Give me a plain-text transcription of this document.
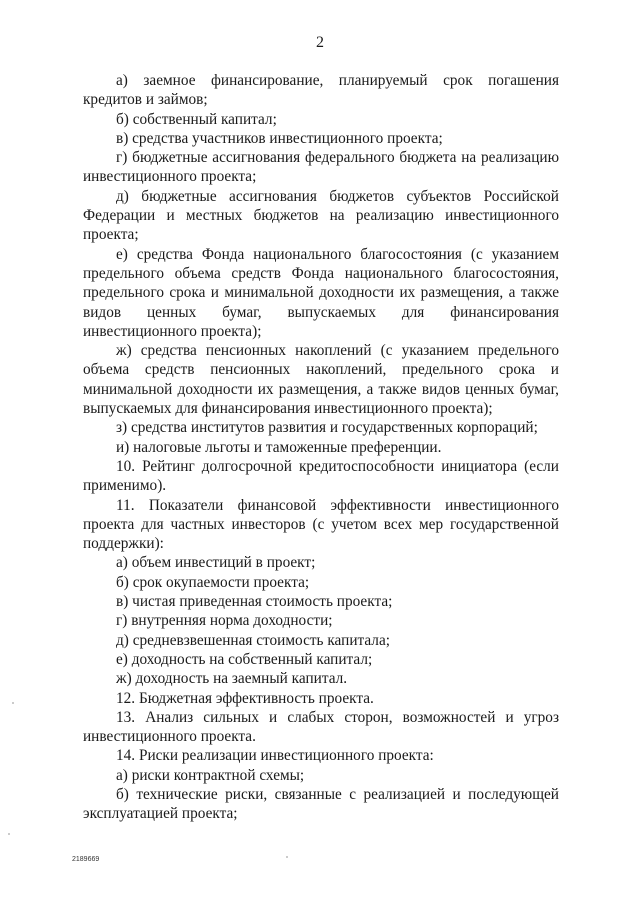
2

а) заемное финансирование, планируемый срок погашения кредитов и займов;

б) собственный капитал;

в) средства участников инвестиционного проекта;

г) бюджетные ассигнования федерального бюджета на реализацию инвестиционного проекта;

д) бюджетные ассигнования бюджетов субъектов Российской Федерации и местных бюджетов на реализацию инвестиционного проекта;

е) средства Фонда национального благосостояния (с указанием предельного объема средств Фонда национального благосостояния, предельного срока и минимальной доходности их размещения, а также видов ценных бумаг, выпускаемых для финансирования инвестиционного проекта);

ж) средства пенсионных накоплений (с указанием предельного объема средств пенсионных накоплений, предельного срока и минимальной доходности их размещения, а также видов ценных бумаг, выпускаемых для финансирования инвестиционного проекта);

з) средства институтов развития и государственных корпораций;

и) налоговые льготы и таможенные преференции.

10. Рейтинг долгосрочной кредитоспособности инициатора (если применимо).

11. Показатели финансовой эффективности инвестиционного проекта для частных инвесторов (с учетом всех мер государственной поддержки):

а) объем инвестиций в проект;

б) срок окупаемости проекта;

в) чистая приведенная стоимость проекта;

г) внутренняя норма доходности;

д) средневзвешенная стоимость капитала;

е) доходность на собственный капитал;

ж) доходность на заемный капитал.

12. Бюджетная эффективность проекта.

13. Анализ сильных и слабых сторон, возможностей и угроз инвестиционного проекта.

14. Риски реализации инвестиционного проекта:

а) риски контрактной схемы;

б) технические риски, связанные с реализацией и последующей эксплуатацией проекта;

2189669
